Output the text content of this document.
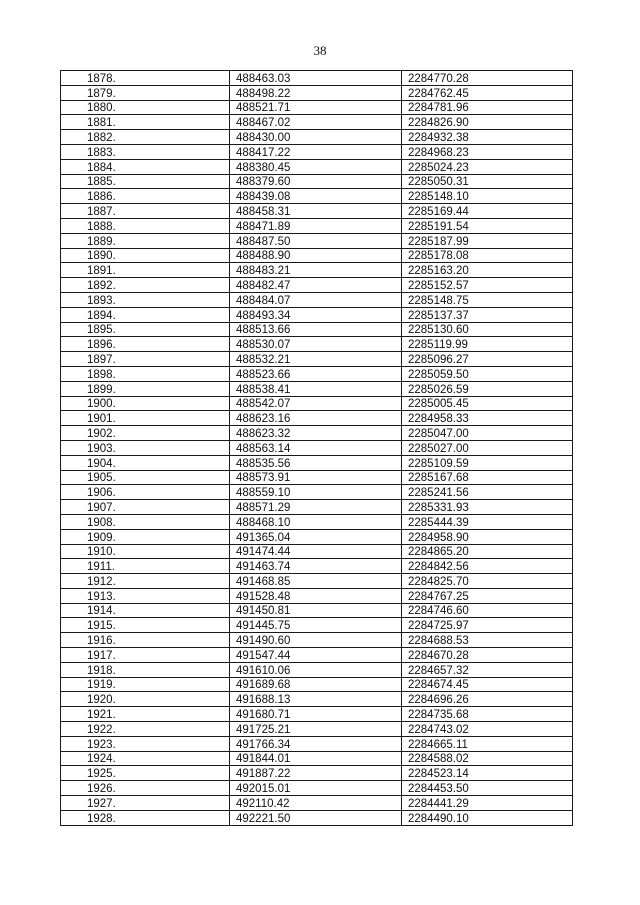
38
1878.	488463.03	2284770.28
1879.	488498.22	2284762.45
1880.	488521.71	2284781.96
1881.	488467.02	2284826.90
1882.	488430.00	2284932.38
1883.	488417.22	2284968.23
1884.	488380.45	2285024.23
1885.	488379.60	2285050.31
1886.	488439.08	2285148.10
1887.	488458.31	2285169.44
1888.	488471.89	2285191.54
1889.	488487.50	2285187.99
1890.	488488.90	2285178.08
1891.	488483.21	2285163.20
1892.	488482.47	2285152.57
1893.	488484.07	2285148.75
1894.	488493.34	2285137.37
1895.	488513.66	2285130.60
1896.	488530.07	2285119.99
1897.	488532.21	2285096.27
1898.	488523.66	2285059.50
1899.	488538.41	2285026.59
1900.	488542.07	2285005.45
1901.	488623.16	2284958.33
1902.	488623.32	2285047.00
1903.	488563.14	2285027.00
1904.	488535.56	2285109.59
1905.	488573.91	2285167.68
1906.	488559.10	2285241.56
1907.	488571.29	2285331.93
1908.	488468.10	2285444.39
1909.	491365.04	2284958.90
1910.	491474.44	2284865.20
1911.	491463.74	2284842.56
1912.	491468.85	2284825.70
1913.	491528.48	2284767.25
1914.	491450.81	2284746.60
1915.	491445.75	2284725.97
1916.	491490.60	2284688.53
1917.	491547.44	2284670.28
1918.	491610.06	2284657.32
1919.	491689.68	2284674.45
1920.	491688.13	2284696.26
1921.	491680.71	2284735.68
1922.	491725.21	2284743.02
1923.	491766.34	2284665.11
1924.	491844.01	2284588.02
1925.	491887.22	2284523.14
1926.	492015.01	2284453.50
1927.	492110.42	2284441.29
1928.	492221.50	2284490.10
